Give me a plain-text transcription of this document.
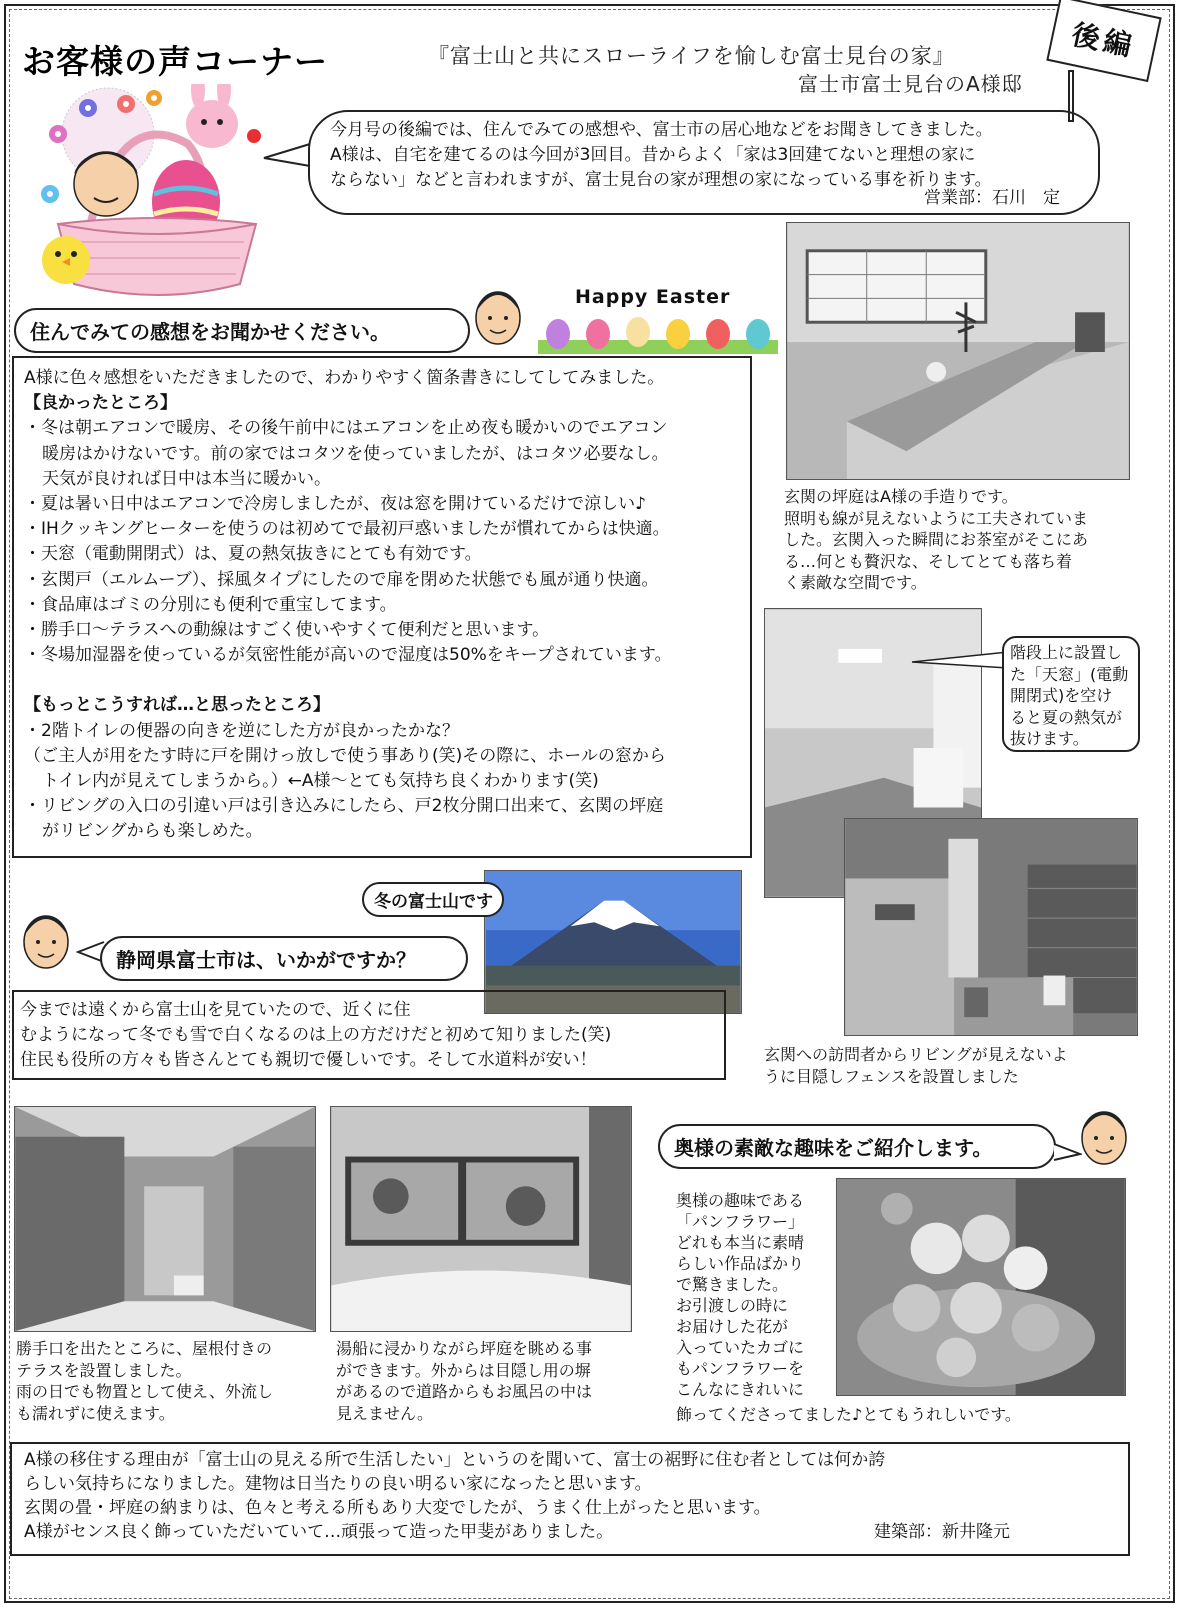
お客様の声コーナー	『富士山と共にスローライフを愉しむ富士見台の家』
富士市富士見台のA様邸
後編
今月号の後編では、住んでみての感想や、富士市の居心地などをお聞きしてきました。
A様は、自宅を建てるのは今回が3回目。昔からよく「家は3回建てないと理想の家に
ならない」などと言われますが、富士見台の家が理想の家になっている事を祈ります。
営業部：石川　定
住んでみての感想をお聞かせください。
Happy Easter
A様に色々感想をいただきましたので、わかりやすく箇条書きにしてしてみました。
【良かったところ】
・冬は朝エアコンで暖房、その後午前中にはエアコンを止め夜も暖かいのでエアコン
暖房はかけないです。前の家ではコタツを使っていましたが、はコタツ必要なし。
天気が良ければ日中は本当に暖かい。
・夏は暑い日中はエアコンで冷房しましたが、夜は窓を開けているだけで涼しい♪
・IHクッキングヒーターを使うのは初めてで最初戸惑いましたが慣れてからは快適。
・天窓（電動開閉式）は、夏の熱気抜きにとても有効です。
・玄関戸（エルムーブ）、採風タイプにしたので扉を閉めた状態でも風が通り快適。
・食品庫はゴミの分別にも便利で重宝してます。
・勝手口～テラスへの動線はすごく使いやすくて便利だと思います。
・冬場加湿器を使っているが気密性能が高いので湿度は50%をキープされています。
【もっとこうすれば…と思ったところ】
・2階トイレの便器の向きを逆にした方が良かったかな？
（ご主人が用をたす時に戸を開けっ放しで使う事あり(笑)その際に、ホールの窓から
トイレ内が見えてしまうから。）←A様～とても気持ち良くわかります(笑)
・リビングの入口の引違い戸は引き込みにしたら、戸2枚分開口出来て、玄関の坪庭
がリビングからも楽しめた。
玄関の坪庭はA様の手造りです。
照明も線が見えないように工夫されていま
した。玄関入った瞬間にお茶室がそこにあ
る…何とも贅沢な、そしてとても落ち着
く素敵な空間です。
階段上に設置し
た「天窓」(電動
開閉式)を空け
ると夏の熱気が
抜けます。
玄関への訪問者からリビングが見えないよ
うに目隠しフェンスを設置しました
冬の富士山です
静岡県富士市は、いかがですか？
今までは遠くから富士山を見ていたので、近くに住
むようになって冬でも雪で白くなるのは上の方だけだと初めて知りました(笑)
住民も役所の方々も皆さんとても親切で優しいです。そして水道料が安い！
勝手口を出たところに、屋根付きの
テラスを設置しました。
雨の日でも物置として使え、外流し
も濡れずに使えます。
湯船に浸かりながら坪庭を眺める事
ができます。外からは目隠し用の塀
があるので道路からもお風呂の中は
見えません。
奥様の素敵な趣味をご紹介します。
奥様の趣味である
「パンフラワー」
どれも本当に素晴
らしい作品ばかり
で驚きました。
お引渡しの時に
お届けした花が
入っていたカゴに
もパンフラワーを
こんなにきれいに
飾ってくださってました♪とてもうれしいです。
A様の移住する理由が「富士山の見える所で生活したい」というのを聞いて、富士の裾野に住む者としては何か誇
らしい気持ちになりました。建物は日当たりの良い明るい家になったと思います。
玄関の畳・坪庭の納まりは、色々と考える所もあり大変でしたが、うまく仕上がったと思います。
A様がセンス良く飾っていただいていて…頑張って造った甲斐がありました。	建築部：新井隆元
